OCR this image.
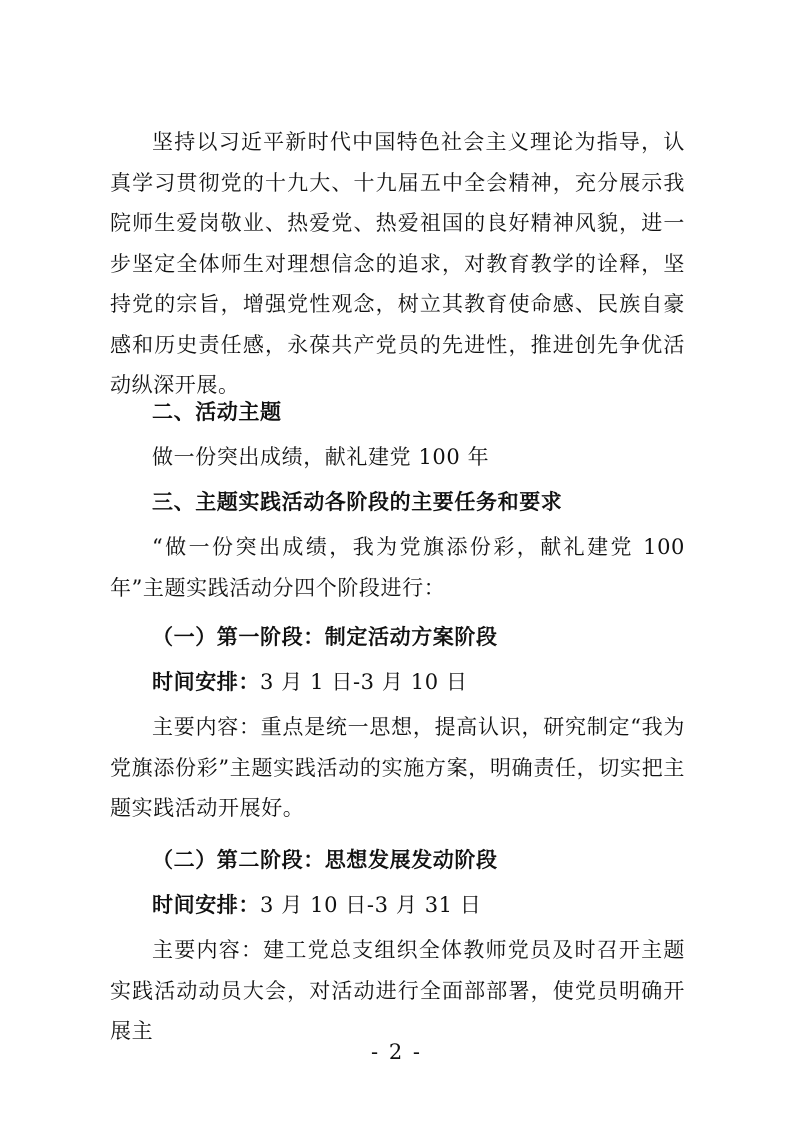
坚持以习近平新时代中国特色社会主义理论为指导，认真学习贯彻党的十九大、十九届五中全会精神，充分展示我院师生爱岗敬业、热爱党、热爱祖国的良好精神风貌，进一步坚定全体师生对理想信念的追求，对教育教学的诠释，坚持党的宗旨，增强党性观念，树立其教育使命感、民族自豪感和历史责任感，永葆共产党员的先进性，推进创先争优活动纵深开展。

二、活动主题

做一份突出成绩，献礼建党 100 年

三、主题实践活动各阶段的主要任务和要求

“做一份突出成绩，我为党旗添份彩，献礼建党 100 年”主题实践活动分四个阶段进行：

（一）第一阶段：制定活动方案阶段

时间安排：3 月 1 日-3 月 10 日

主要内容：重点是统一思想，提高认识，研究制定“我为党旗添份彩”主题实践活动的实施方案，明确责任，切实把主题实践活动开展好。

（二）第二阶段：思想发展发动阶段

时间安排：3 月 10 日-3 月 31 日

主要内容：建工党总支组织全体教师党员及时召开主题实践活动动员大会，对活动进行全面部部署，使党员明确开展主

- 2 -
